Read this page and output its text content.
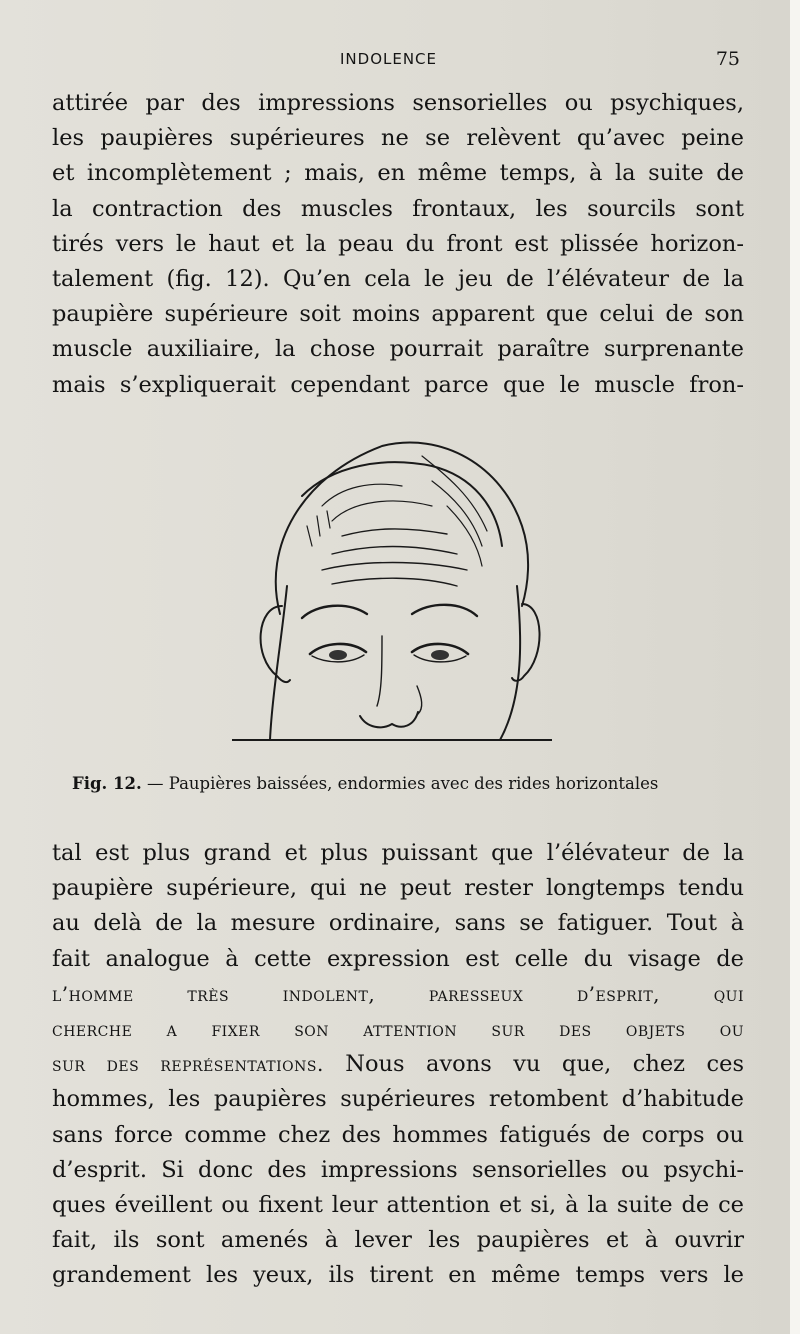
INDOLENCE	75
attirée par des impressions sensorielles ou psychiques,
les paupières supérieures ne se relèvent qu’avec peine
et incomplètement ; mais, en même temps, à la suite de
la contraction des muscles frontaux, les sourcils sont
tirés vers le haut et la peau du front est plissée horizon-
talement (fig. 12). Qu’en cela le jeu de l’élévateur de la
paupière supérieure soit moins apparent que celui de son
muscle auxiliaire, la chose pourrait paraître surprenante
mais s’expliquerait cependant parce que le muscle fron-
Fig. 12. — Paupières baissées, endormies avec des rides horizontales
tal est plus grand et plus puissant que l’élévateur de la
paupière supérieure, qui ne peut rester longtemps tendu
au delà de la mesure ordinaire, sans se fatiguer. Tout à
fait analogue à cette expression est celle du visage de
l’homme très indolent, paresseux d’esprit, qui
cherche a fixer son attention sur des objets ou
sur des représentations. Nous avons vu que, chez ces
hommes, les paupières supérieures retombent d’habitude
sans force comme chez des hommes fatigués de corps ou
d’esprit. Si donc des impressions sensorielles ou psychi-
ques éveillent ou fixent leur attention et si, à la suite de ce
fait, ils sont amenés à lever les paupières et à ouvrir
grandement les yeux, ils tirent en même temps vers le
